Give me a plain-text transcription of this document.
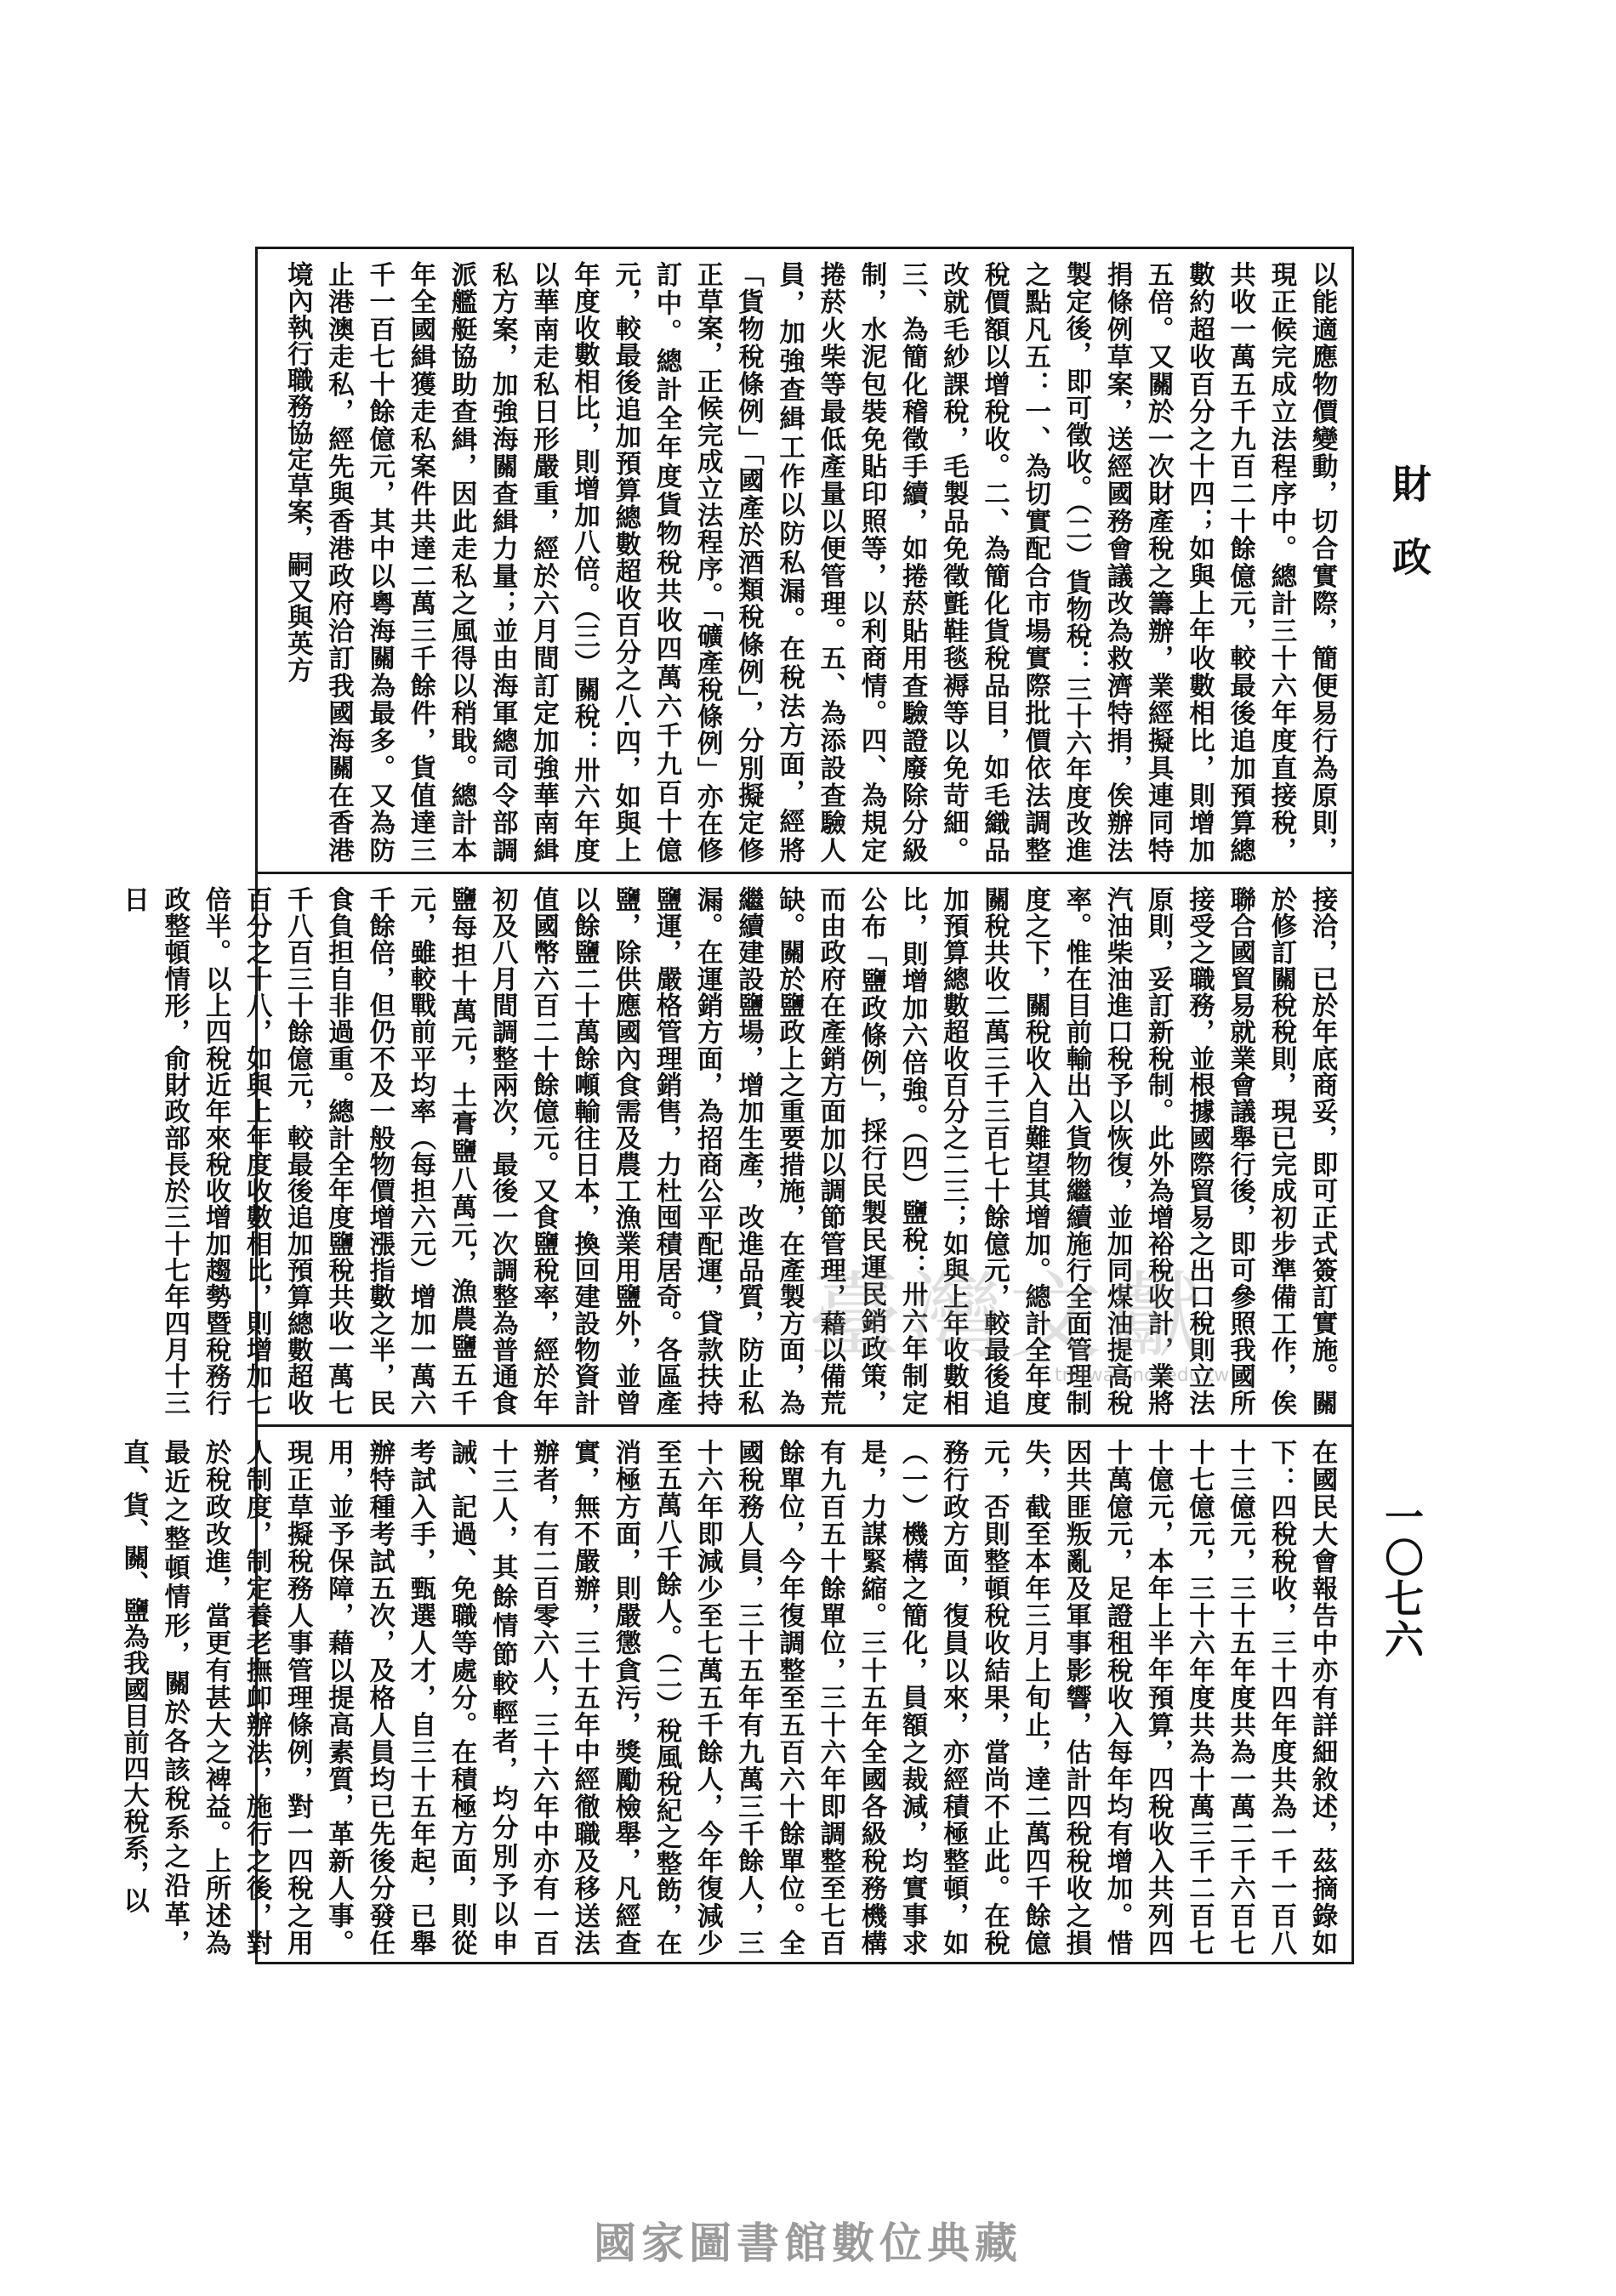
財政
一〇七六
以能適應物價變動，切合實際，簡便易行為原則，現正候完成立法程序中。總計三十六年度直接稅，共收一萬五千九百二十餘億元，較最後追加預算總數約超收百分之十四；如與上年收數相比，則增加五倍。又關於一次財產稅之籌辦，業經擬具連同特捐條例草案，送經國務會議改為救濟特捐，俟辦法製定後，即可徵收。（二）貨物稅：三十六年度改進之點凡五：一、為切實配合市場實際批價依法調整稅價額以增稅收。二、為簡化貨稅品目，如毛織品改就毛紗課稅，毛製品免徵氈鞋毯褥等以免苛細。三、為簡化稽徵手續，如捲菸貼用查驗證廢除分級制，水泥包裝免貼印照等，以利商情。四、為規定捲菸火柴等最低產量以便管理。五、為添設查驗人員，加強查緝工作以防私漏。在稅法方面，經將「貨物稅條例」「國產於酒類稅條例」，分別擬定修正草案，正候完成立法程序。「礦產稅條例」亦在修訂中。總計全年度貨物稅共收四萬六千九百十億元，較最後追加預算總數超收百分之八‧四，如與上年度收數相比，則增加八倍。（三）關稅：卅六年度以華南走私日形嚴重，經於六月間訂定加強華南緝私方案，加強海關查緝力量；並由海軍總司令部調派艦艇協助查緝，因此走私之風得以稍戢。總計本年全國緝獲走私案件共達二萬三千餘件，貨值達三千一百七十餘億元，其中以粵海關為最多。又為防止港澳走私，經先與香港政府洽訂我國海關在香港境內執行職務協定草案，嗣又與英方
接洽，已於年底商妥，即可正式簽訂實施。關於修訂關稅稅則，現已完成初步準備工作，俟聯合國貿易就業會議舉行後，即可參照我國所接受之職務，並根據國際貿易之出口稅則立法原則，妥訂新稅制。此外為增裕稅收計，業將汽油柴油進口稅予以恢復，並加同煤油提高稅率。惟在目前輸出入貨物繼續施行全面管理制度之下，關稅收入自難望其增加。總計全年度關稅共收二萬三千三百七十餘億元，較最後追加預算總數超收百分之二三；如與上年收數相比，則增加六倍強。（四）鹽稅：卅六年制定公布「鹽政條例」，採行民製民運民銷政策，而由政府在產銷方面加以調節管理，藉以備荒缺。關於鹽政上之重要措施，在產製方面，為繼續建設鹽場，增加生產，改進品質，防止私漏。在運銷方面，為招商公平配運，貸款扶持鹽運，嚴格管理銷售，力杜囤積居奇。各區產鹽，除供應國內食需及農工漁業用鹽外，並曾以餘鹽二十萬餘噸輸往日本，換回建設物資計值國幣六百二十餘億元。又食鹽稅率，經於年初及八月間調整兩次，最後一次調整為普通食鹽每担十萬元，土膏鹽八萬元，漁農鹽五千元，雖較戰前平均率（每担六元）增加一萬六千餘倍，但仍不及一般物價增漲指數之半，民食負担自非過重。總計全年度鹽稅共收一萬七千八百三十餘億元，較最後追加預算總數超收百分之十八，如與上年度收數相比，則增加七倍半。以上四稅近年來稅收增加趨勢暨稅務行政整頓情形，俞財政部長於三十七年四月十三日
在國民大會報告中亦有詳細敘述，茲摘錄如下：四稅稅收，三十四年度共為一千一百八十三億元，三十五年度共為一萬二千六百七十七億元，三十六年度共為十萬三千二百七十億元，本年上半年預算，四稅收入共列四十萬億元，足證租稅收入每年均有增加。惜因共匪叛亂及軍事影響，估計四稅稅收之損失，截至本年三月上旬止，達二萬四千餘億元，否則整頓稅收結果，當尚不止此。在稅務行政方面，復員以來，亦經積極整頓，如（一）機構之簡化，員額之裁減，均實事求是，力謀緊縮。三十五年全國各級稅務機構有九百五十餘單位，三十六年即調整至七百餘單位，今年復調整至五百六十餘單位。全國稅務人員，三十五年有九萬三千餘人，三十六年即減少至七萬五千餘人，今年復減少至五萬八千餘人。（二）稅風稅紀之整飭，在消極方面，則嚴懲貪污，獎勵檢舉，凡經查實，無不嚴辦，三十五年中經徹職及移送法辦者，有二百零六人，三十六年中亦有一百十三人，其餘情節較輕者，均分別予以申誡、記過、免職等處分。在積極方面，則從考試入手，甄選人才，自三十五年起，已舉辦特種考試五次，及格人員均已先後分發任用，並予保障，藉以提高素質，革新人事。現正草擬稅務人事管理條例，對一四稅之用人制度，制定養老撫卹辦法，施行之後，對於稅政改進，當更有甚大之裨益。上所述為最近之整頓情形，關於各該稅系之沿革，直、貨、關、鹽為我國目前四大稅系，以
臺灣文獻
tmtwan.ncl.edu.tw
國家圖書館數位典藏
